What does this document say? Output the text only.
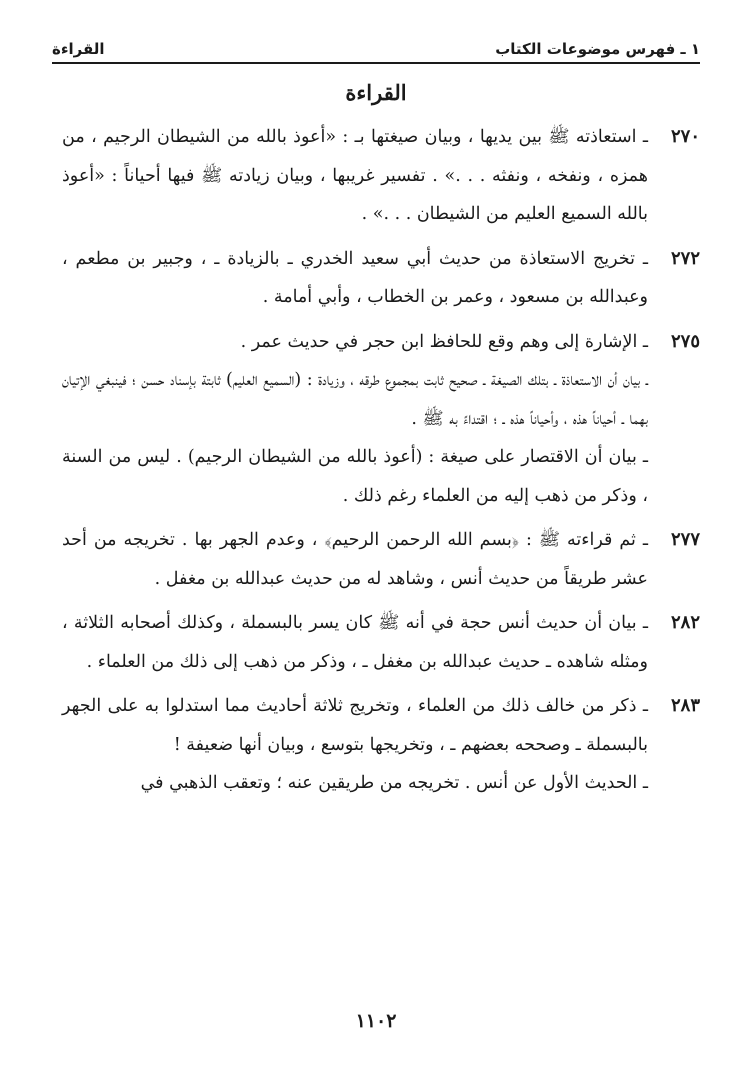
١ ـ فهرس موضوعات الكتاب
القراءة
القراءة
٢٧٠

ـ استعاذته ﷺ بين يديها ، وبيان صيغتها بـ : «أعوذ بالله من الشيطان الرجيم ، من همزه ، ونفخه ، ونفثه . . .» . تفسير غريبها ، وبيان زيادته ﷺ فيها أحياناً : «أعوذ بالله السميع العليم من الشيطان . . .» .

٢٧٢

ـ تخريج الاستعاذة من حديث أبي سعيد الخدري ـ بالزيادة ـ ، وجبير بن مطعم ، وعبدالله بن مسعود ، وعمر بن الخطاب ، وأبي أمامة .

٢٧٥

ـ الإشارة إلى وهم وقع للحافظ ابن حجر في حديث عمر .

ـ بيان أن الاستعاذة ـ بتلك الصيغة ـ صحيح ثابت بمجموع طرقه ، وزيادة : (السميع العليم) ثابتة بإسناد حسن ؛ فينبغي الإتيان بهما ـ أحياناً هذه ، وأحياناً هذه ـ ؛ اقتداءً به ﷺ .

ـ بيان أن الاقتصار على صيغة : (أعوذ بالله من الشيطان الرجيم) . ليس من السنة ، وذكر من ذهب إليه من العلماء رغم ذلك .

٢٧٧

ـ ثم قراءته ﷺ : ﴿بسم الله الرحمن الرحيم﴾ ، وعدم الجهر بها . تخريجه من أحد عشر طريقاً من حديث أنس ، وشاهد له من حديث عبدالله بن مغفل .

٢٨٢

ـ بيان أن حديث أنس حجة في أنه ﷺ كان يسر بالبسملة ، وكذلك أصحابه الثلاثة ، ومثله شاهده ـ حديث عبدالله بن مغفل ـ ، وذكر من ذهب إلى ذلك من العلماء .

٢٨٣

ـ ذكر من خالف ذلك من العلماء ، وتخريج ثلاثة أحاديث مما استدلوا به على الجهر بالبسملة ـ وصححه بعضهم ـ ، وتخريجها بتوسع ، وبيان أنها ضعيفة !

ـ الحديث الأول عن أنس . تخريجه من طريقين عنه ؛ وتعقب الذهبي في

١١٠٢
